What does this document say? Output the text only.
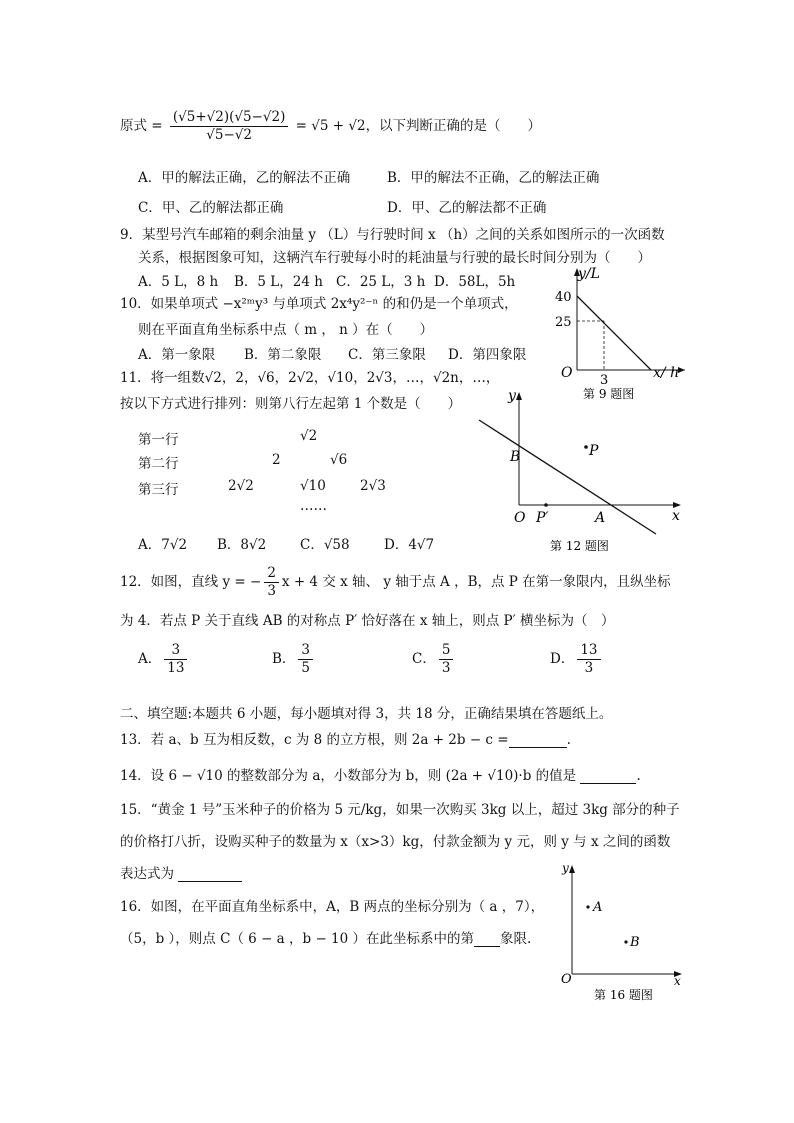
原式 = $\frac{(√5+√2)(√5-√2)}{√5-√2} = √5 + √2$，以下判断正确的是（　　）
A．甲的解法正确，乙的解法不正确	B．甲的解法不正确，乙的解法正确
C．甲、乙的解法都正确	D．甲、乙的解法都不正确
9．某型号汽车邮箱的剩余油量 y （L）与行驶时间 x （h）之间的关系如图所示的一次函数
关系，根据图象可知，这辆汽车行驶每小时的耗油量与行驶的最长时间分别为（　　）
A．5 L，8 h B．5 L，24 h C．25 L，3 h D．58L，5h	y/L
40
25
3
O	x/ h
第 9 题图
10．如果单项式 −x²ᵐy³ 与单项式 2x⁴y²⁻ⁿ 的和仍是一个单项式，
则在平面直角坐标系中点（ m ， n ）在（　　）
A．第一象限 B．第二象限 C．第三象限 D．第四象限
11．将一组数√2，2，√6，2√2，√10，2√3，…，√2n，…，
按以下方式进行排列：则第八行左起第 1 个数是（　　）
第一行
第二行
第三行
√2
2	√6
2√2	√10	2√3
……
A．7√2 B．8√2	C．√58	D．4√7
y
x
O
B	P
P′	A
第 12 题图
12．如图，直线 y = − $\frac{2}{3}$ x + 4 交 x 轴、 y 轴于点 A ，B，点 P 在第一象限内，且纵坐标
为 4．若点 P 关于直线 AB 的对称点 P′ 恰好落在 x 轴上，则点 P′ 横坐标为（　）
A． $\frac{3}{13}$	B． $\frac{3}{5}$	C． $\frac{5}{3}$	D． $\frac{13}{3}$
二、填空题:本题共 6 小题，每小题填对得 3，共 18 分，正确结果填在答题纸上。
13．若 a、b 互为相反数，c 为 8 的立方根，则 2a + 2b − c =	.
14．设 6 − √10 的整数部分为 a，小数部分为 b，则 (2a + √10)·b 的值是	.
15．“黄金 1 号”玉米种子的价格为 5 元/kg，如果一次购买 3kg 以上，超过 3kg 部分的种子
的价格打八折，设购买种子的数量为 x（x>3）kg，付款金额为 y 元，则 y 与 x 之间的函数
表达式为
16．如图，在平面直角坐标系中，A，B 两点的坐标分别为（ a ，7），
（5，b ），则点 C（ 6 − a ，b − 10 ）在此坐标系中的第 象限.
y
x
O
A
B
第 16 题图
